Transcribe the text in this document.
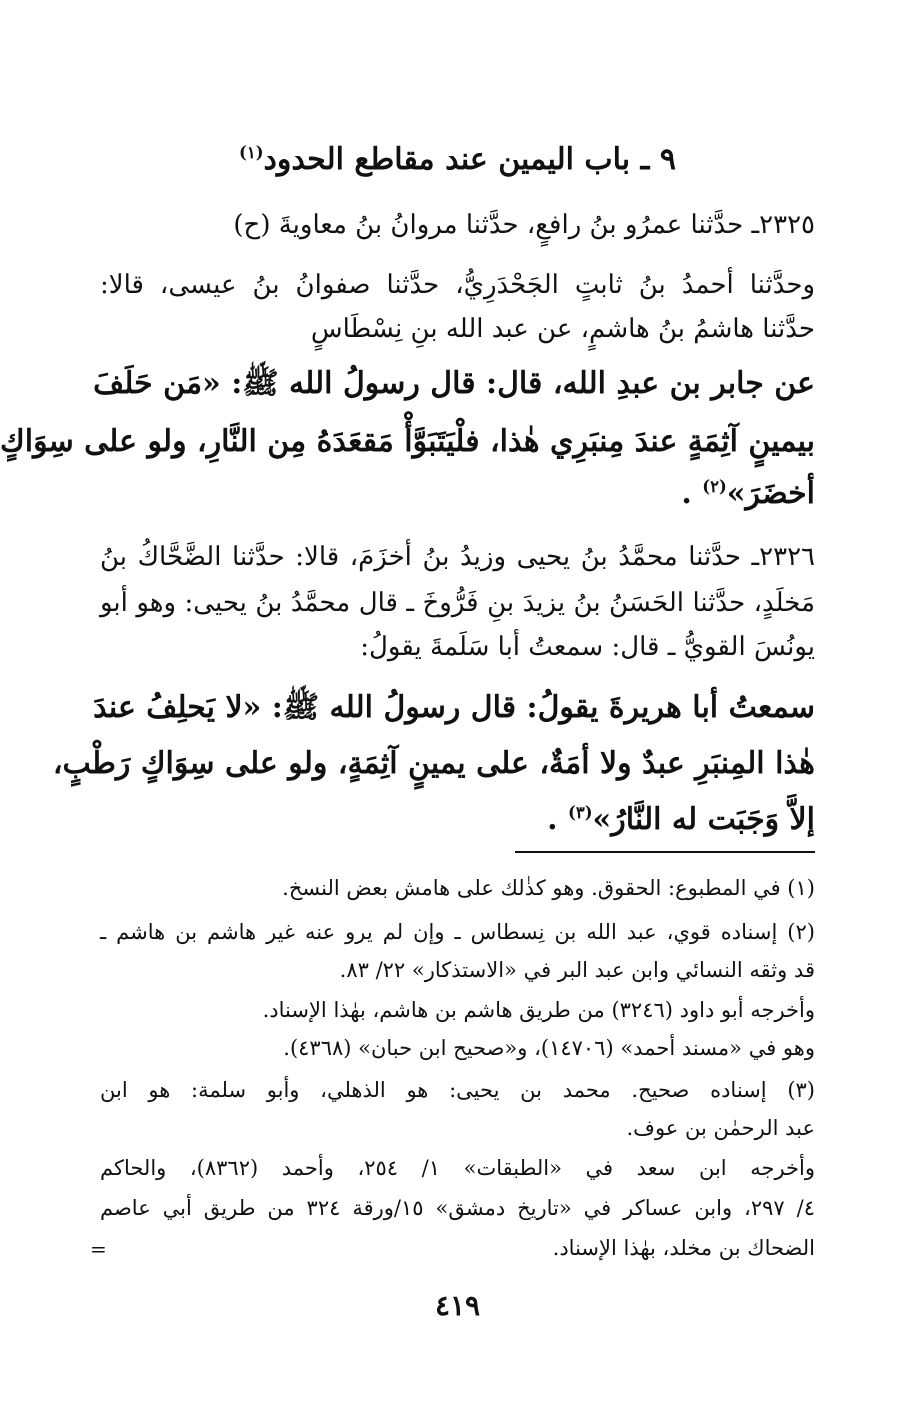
٩ ـ باب اليمين عند مقاطع الحدود$^{(١)}$
٢٣٢٥ـ حدَّثنا عمرُو بنُ رافعٍ، حدَّثنا مروانُ بنُ معاويةَ (ح)
وحدَّثنا أحمدُ بنُ ثابتٍ الجَحْدَرِيُّ، حدَّثنا صفوانُ بنُ عيسى، قالا:
حدَّثنا هاشمُ بنُ هاشمٍ، عن عبد الله بنِ نِسْطَاسٍ
عن جابر بن عبدِ الله، قال: قال رسولُ الله ﷺ: «مَن حَلَفَ
بيمينٍ آثِمَةٍ عندَ مِنبَرِي هٰذا، فلْيَتَبَوَّأْ مَقعَدَهُ مِن النَّارِ، ولو على سِوَاكٍ
أخضَرَ»$^{(٢)}$ .
٢٣٢٦ـ حدَّثنا محمَّدُ بنُ يحيى وزيدُ بنُ أخزَمَ، قالا: حدَّثنا الضَّحَّاكُ بنُ
مَخلَدٍ، حدَّثنا الحَسَنُ بنُ يزيدَ بنِ فَرُّوخَ ـ قال محمَّدُ بنُ يحيى: وهو أبو
يونُسَ القويُّ ـ قال: سمعتُ أبا سَلَمةَ يقولُ:
سمعتُ أبا هريرةَ يقولُ: قال رسولُ الله ﷺ: «لا يَحلِفُ عندَ
هٰذا المِنبَرِ عبدٌ ولا أمَةٌ، على يمينٍ آثِمَةٍ، ولو على سِوَاكٍ رَطْبٍ،
إلاَّ وَجَبَت له النَّارُ»$^{(٣)}$ .
(١) في المطبوع: الحقوق. وهو كذٰلك على هامش بعض النسخ.
(٢) إسناده قوي، عبد الله بن نِسطاس ـ وإن لم يرو عنه غير هاشم بن هاشم ـ
قد وثقه النسائي وابن عبد البر في «الاستذكار» ٢٢/ ٨٣.
وأخرجه أبو داود (٣٢٤٦) من طريق هاشم بن هاشم، بهٰذا الإسناد.
وهو في «مسند أحمد» (١٤٧٠٦)، و«صحيح ابن حبان» (٤٣٦٨).
(٣) إسناده صحيح. محمد بن يحيى: هو الذهلي، وأبو سلمة: هو ابن
عبد الرحمٰن بن عوف.
وأخرجه ابن سعد في «الطبقات» ١/ ٢٥٤، وأحمد (٨٣٦٢)، والحاكم
٤/ ٢٩٧، وابن عساكر في «تاريخ دمشق» ١٥/ورقة ٣٢٤ من طريق أبي عاصم
الضحاك بن مخلد، بهٰذا الإسناد.
=
٤١٩
